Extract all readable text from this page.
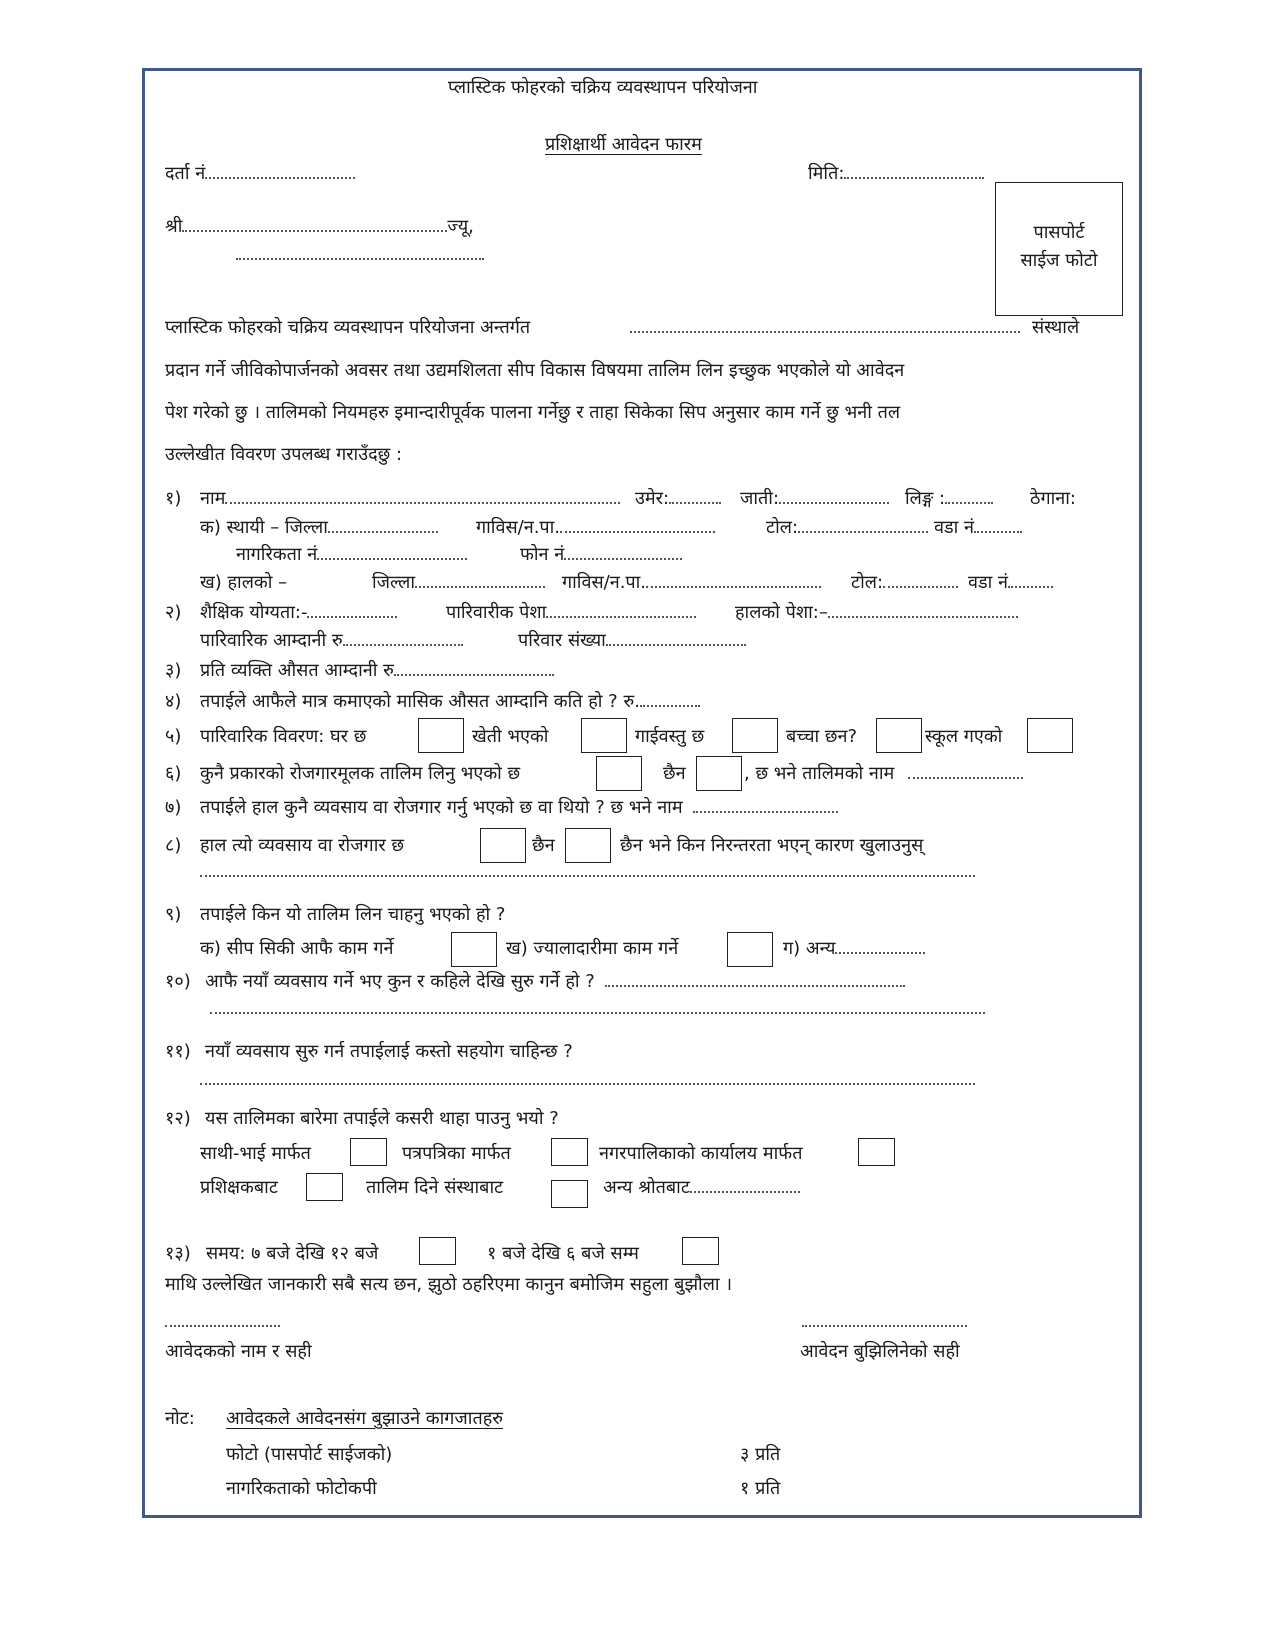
प्लास्टिक फोहरको चक्रिय व्यवस्थापन परियोजना
प्रशिक्षार्थी आवेदन फारम
दर्ता नं	मिति:
श्री	ज्यू,	पासपोर्ट
साईज फोटो
प्लास्टिक फोहरको चक्रिय व्यवस्थापन परियोजना अन्तर्गत	संस्थाले
प्रदान गर्ने जीविकोपार्जनको अवसर तथा उद्यमशिलता सीप विकास विषयमा तालिम लिन इच्छुक भएकोले यो आवेदन
पेश गरेको छु । तालिमको नियमहरु इमान्दारीपूर्वक पालना गर्नेछु र ताहा सिकेका सिप अनुसार काम गर्ने छु भनी तल
उल्लेखीत विवरण उपलब्ध गराउँदछु :
१) नाम	उमेर:	जाती:	लिङ्ग :	ठेगाना:
क) स्थायी – जिल्ला	गाविस/न.पा.	टोल:	वडा नं
नागरिकता नं	फोन नं
ख) हालको –	जिल्ला	गाविस/न.पा.	टोल:	वडा नं
२) शैक्षिक योग्यता:-	पारिवारीक पेशा	हालको पेशा:–
पारिवारिक आम्दानी रु	परिवार संख्या
३) प्रति व्यक्ति औसत आम्दानी रु
४) तपाईले आफैले मात्र कमाएको मासिक औसत आम्दानि कति हो ? रु.
५) पारिवारिक विवरण: घर छ	खेती भएको	गाईवस्तु छ	बच्चा छन?	स्कूल गएको
६) कुनै प्रकारको रोजगारमूलक तालिम लिनु भएको छ	छैन	, छ भने तालिमको नाम
७) तपाईले हाल कुनै व्यवसाय वा रोजगार गर्नु भएको छ वा थियो ? छ भने नाम
८) हाल त्यो व्यवसाय वा रोजगार छ	छैन	छैन भने किन निरन्तरता भएन् कारण खुलाउनुस्
९) तपाईले किन यो तालिम लिन चाहनु भएको हो ?
क) सीप सिकी आफै काम गर्ने	ख) ज्यालादारीमा काम गर्ने	ग) अन्य
१०) आफै नयाँ व्यवसाय गर्ने भए कुन र कहिले देखि सुरु गर्ने हो ?
११) नयाँ व्यवसाय सुरु गर्न तपाईलाई कस्तो सहयोग चाहिन्छ ?
१२) यस तालिमका बारेमा तपाईले कसरी थाहा पाउनु भयो ?
साथी-भाई मार्फत	पत्रपत्रिका मार्फत	नगरपालिकाको कार्यालय मार्फत
प्रशिक्षकबाट	तालिम दिने संस्थाबाट	अन्य श्रोतबाट
१३) समय: ७ बजे देखि १२ बजे	१ बजे देखि ६ बजे सम्म
माथि उल्लेखित जानकारी सबै सत्य छन, झुठो ठहरिएमा कानुन बमोजिम सहुला बुझौला ।
आवेदकको नाम र सही	आवेदन बुझिलिनेको सही
नोट: आवेदकले आवेदनसंग बुझाउने कागजातहरु
फोटो (पासपोर्ट साईजको)	३ प्रति
नागरिकताको फोटोकपी	१ प्रति
